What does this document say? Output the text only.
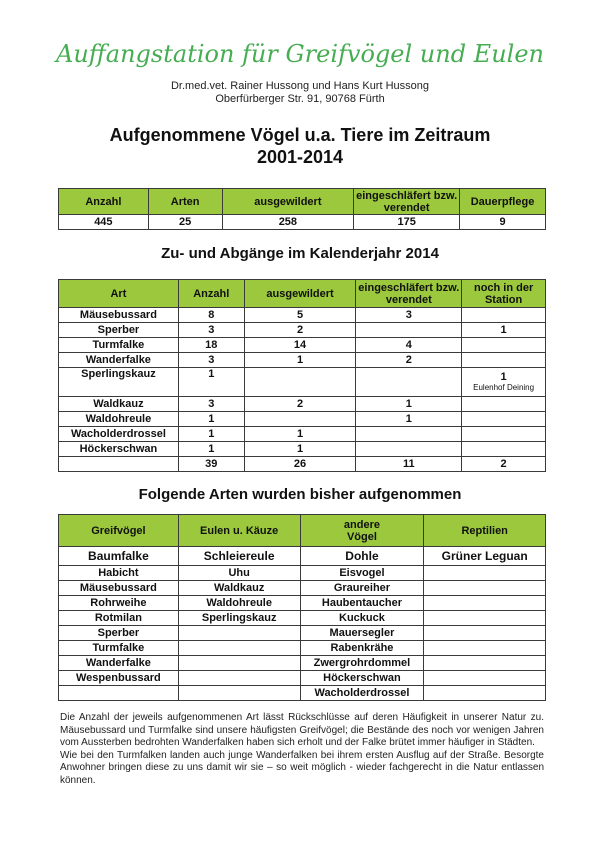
Auffangstation für Greifvögel und Eulen
Dr.med.vet. Rainer Hussong und Hans Kurt Hussong
Oberfürberger Str. 91, 90768 Fürth
Aufgenommene Vögel u.a. Tiere im Zeitraum
2001-2014
Anzahl	Arten	ausgewildert	eingeschläfert bzw. verendet	Dauerpflege
445	25	258	175	9
Zu- und Abgänge im Kalenderjahr 2014
Art	Anzahl	ausgewildert	eingeschläfert bzw. verendet	noch in der Station
Mäusebussard	8	5	3	
Sperber	3	2		1
Turmfalke	18	14	4	
Wanderfalke	3	1	2	
Sperlingskauz	1			1
Eulenhof Deining

Waldkauz	3	2	1	
Waldohreule	1		1	
Wacholderdrossel	1	1		
Höckerschwan	1	1		
	39	26	11	2
Folgende Arten wurden bisher aufgenommen
Greifvögel	Eulen u. Käuze	andere Vögel	Reptilien
Baumfalke	Schleiereule	Dohle	Grüner Leguan
Habicht	Uhu	Eisvogel	
Mäusebussard	Waldkauz	Graureiher	
Rohrweihe	Waldohreule	Haubentaucher	
Rotmilan	Sperlingskauz	Kuckuck	
Sperber		Mauersegler	
Turmfalke		Rabenkrähe	
Wanderfalke		Zwergrohrdommel	
Wespenbussard		Höckerschwan	
		Wacholderdrossel	

Die Anzahl der jeweils aufgenommenen Art lässt Rückschlüsse auf deren Häufigkeit in unserer Natur zu. Mäusebussard und Turmfalke sind unsere häufigsten Greifvögel; die Bestände des noch vor wenigen Jahren vom Aussterben bedrohten Wanderfalken haben sich erholt und der Falke brütet immer häufiger in Städten.

Wie bei den Turmfalken landen auch junge Wanderfalken bei ihrem ersten Ausflug auf der Straße. Besorgte Anwohner bringen diese zu uns damit wir sie – so weit möglich - wieder fachgerecht in die Natur entlassen können.
